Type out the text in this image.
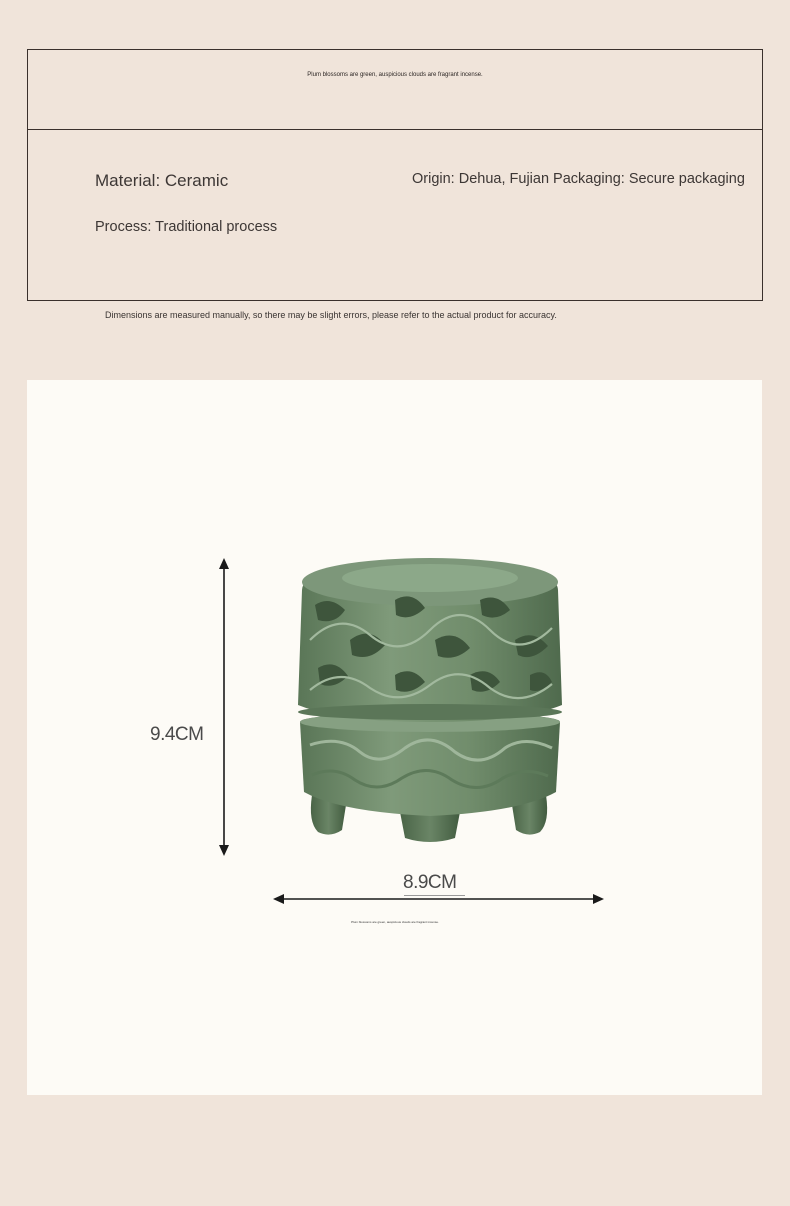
Plum blossoms are green, auspicious clouds are fragrant incense.
Material: Ceramic	Origin: Dehua, Fujian Packaging: Secure packaging
Process: Traditional process
Dimensions are measured manually, so there may be slight errors, please refer to the actual product for accuracy.
9.4CM
8.9CM
Plum blossoms are green, auspicious clouds are fragrant incense.
